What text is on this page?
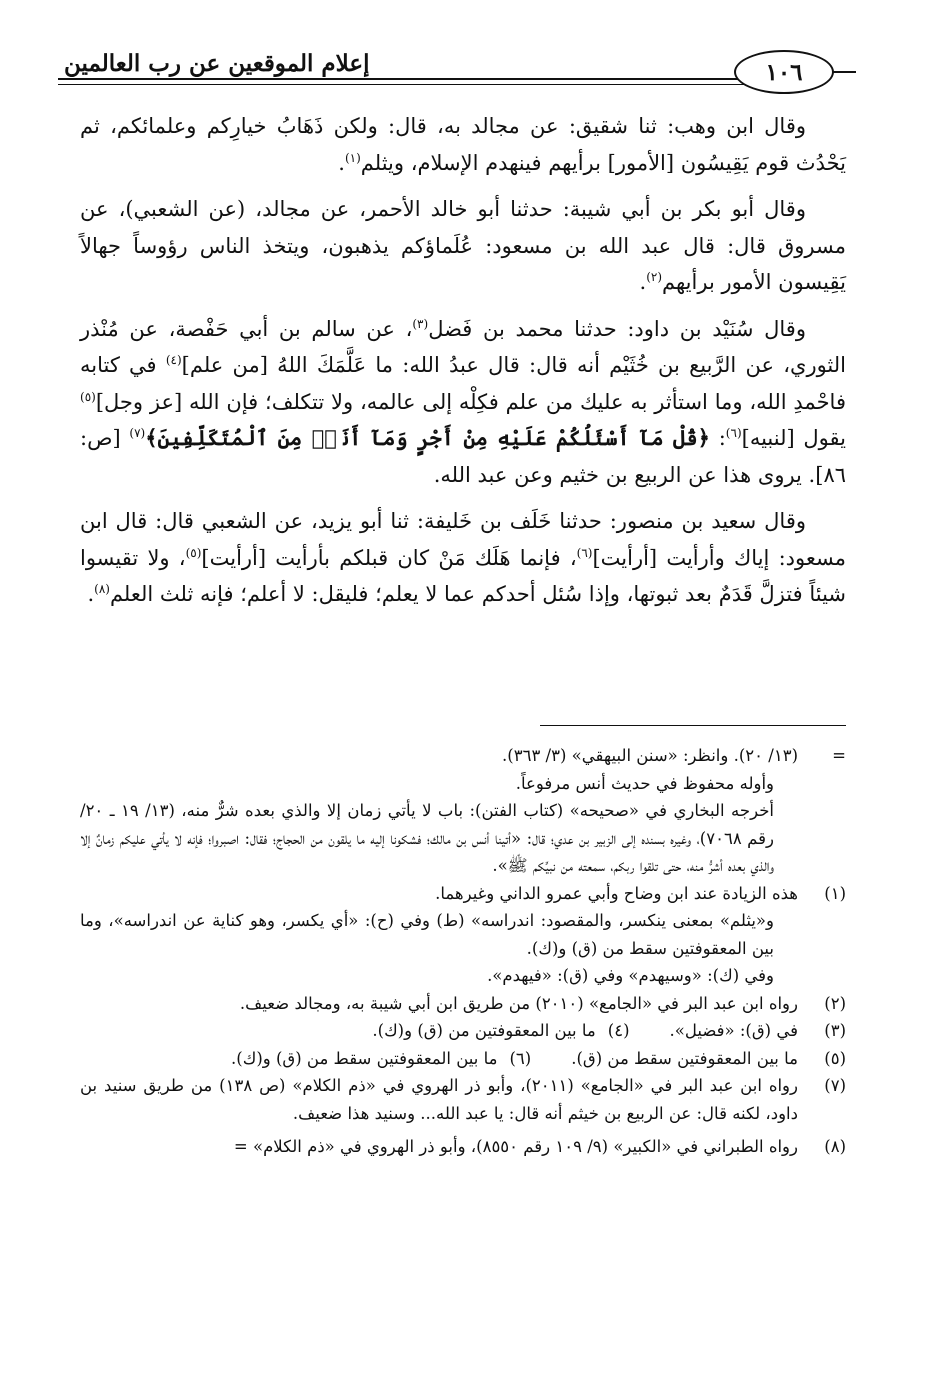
إعلام الموقعين عن رب العالمين	١٠٦

وقال ابن وهب: ثنا شقيق: عن مجالد به، قال: ولكن ذَهَابُ خيارِكم وعلمائكم، ثم يَحْدُث قوم يَقِيسُون [الأمور] برأيهم فينهدم الإسلام، ويثلم$^{(١)}$.

وقال أبو بكر بن أبي شيبة: حدثنا أبو خالد الأحمر، عن مجالد، (عن الشعبي)، عن مسروق قال: قال عبد الله بن مسعود: عُلَماؤكم يذهبون، ويتخذ الناس رؤوساً جهالاً يَقِيسون الأمور برأيهم$^{(٢)}$.

وقال سُنَيْد بن داود: حدثنا محمد بن فَضل$^{(٣)}$، عن سالم بن أبي حَفْصة، عن مُنْذر الثوري، عن الرَّبيع بن خُثَيْم أنه قال: قال عبدُ الله: ما عَلَّمَكَ اللهُ [من علم]$^{(٤)}$ في كتابه فاحْمدِ الله، وما استأثر به عليك من علم فكِلْه إلى عالمه، ولا تتكلف؛ فإن الله [عز وجل]$^{(٥)}$ يقول [لنبيه]$^{(٦)}$: ﴿قُلْ مَآ أَسْئَلُكُمْ عَلَيْهِ مِنْ أَجْرٍ وَمَآ أَنَا۠ مِنَ ٱلْمُتَكَلِّفِينَ﴾$^{(٧)}$ [ص: ٨٦]. يروى هذا عن الربيع بن خثيم وعن عبد الله.

وقال سعيد بن منصور: حدثنا خَلَف بن خَليفة: ثنا أبو يزيد، عن الشعبي قال: قال ابن مسعود: إياك وأرأيت [أرأيت]$^{(٦)}$، فإنما هَلَك مَنْ كان قبلكم بأرأيت [أرأيت]$^{(٥)}$، ولا تقيسوا شيئاً فتزلَّ قَدَمٌ بعد ثبوتها، وإذا سُئل أحدكم عما لا يعلم؛ فليقل: لا أعلم؛ فإنه ثلث العلم$^{(٨)}$.

=
(١٣/ ٢٠). وانظر: «سنن البيهقي» (٣/ ٣٦٣).
وأوله محفوظ في حديث أنس مرفوعاً.
أخرجه البخاري في «صحيحه» (كتاب الفتن): باب لا يأتي زمان إلا والذي بعده شرٌّ منه، (١٣/ ١٩ ـ ٢٠/ رقم ٧٠٦٨)، وغيره بسنده إلى الزبير بن عدي؛ قال: «أتينا أنس بن مالك؛ فشكونا إليه ما يلقون من الحجاج؛ فقال: اصبروا؛ فإنه لا يأتي عليكم زمانٌ إلا والذي بعده أشرُّ منه، حتى تلقوا ربكم، سمعته من نبيِّكم ﷺ».
(١)
هذه الزيادة عند ابن وضاح وأبي عمرو الداني وغيرهما.
و«يثلم» بمعنى ينكسر، والمقصود: اندراسه» (ط) وفي (ح): «أي يكسر، وهو كناية عن اندراسه»، وما بين المعقوفتين سقط من (ق) و(ك).
وفي (ك): «وسيهدم» وفي (ق): «فيهدم».
(٢)
رواه ابن عبد البر في «الجامع» (٢٠١٠) من طريق ابن أبي شيبة به، ومجالد ضعيف.
(٣)
في (ق): «فضيل».
(٤)ما بين المعقوفتين من (ق) و(ك).
(٥)
ما بين المعقوفتين سقط من (ق).
(٦)ما بين المعقوفتين سقط من (ق) و(ك).
(٧)
رواه ابن عبد البر في «الجامع» (٢٠١١)، وأبو ذر الهروي في «ذم الكلام» (ص ١٣٨) من طريق سنيد بن داود، لكنه قال: عن الربيع بن خيثم أنه قال: يا عبد الله... وسنيد هذا ضعيف.
(٨)
رواه الطبراني في «الكبير» (٩/ ١٠٩ رقم ٨٥٥٠)، وأبو ذر الهروي في «ذم الكلام» =
